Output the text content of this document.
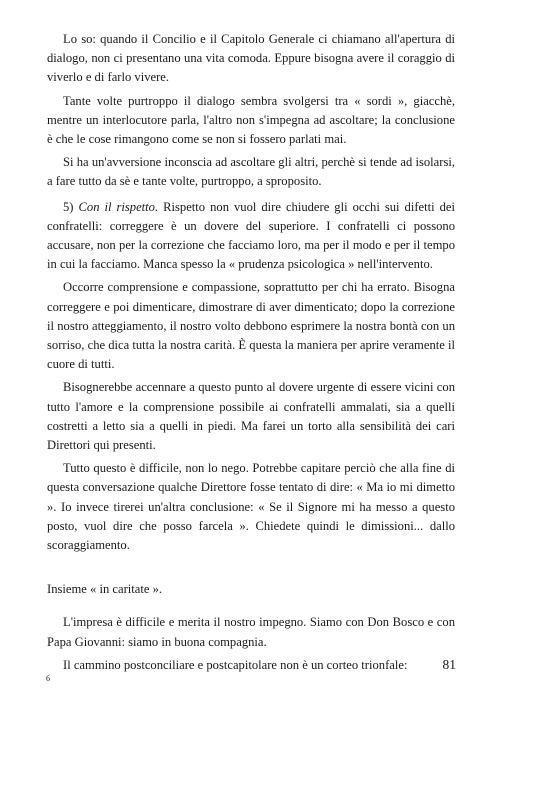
Lo so: quando il Concilio e il Capitolo Generale ci chiamano all'apertura di dialogo, non ci presentano una vita comoda. Eppure bisogna avere il coraggio di viverlo e di farlo vivere.

Tante volte purtroppo il dialogo sembra svolgersi tra « sordi », giacchè, mentre un interlocutore parla, l'altro non s'impegna ad ascoltare; la conclusione è che le cose rimangono come se non si fossero parlati mai.

Si ha un'avversione inconscia ad ascoltare gli altri, perchè si tende ad isolarsi, a fare tutto da sè e tante volte, purtroppo, a sproposito.

5) Con il rispetto. Rispetto non vuol dire chiudere gli occhi sui difetti dei confratelli: correggere è un dovere del superiore. I confratelli ci possono accusare, non per la correzione che facciamo loro, ma per il modo e per il tempo in cui la facciamo. Manca spesso la « prudenza psicologica » nell'intervento.

Occorre comprensione e compassione, soprattutto per chi ha errato. Bisogna correggere e poi dimenticare, dimostrare di aver dimenticato; dopo la correzione il nostro atteggiamento, il nostro volto debbono esprimere la nostra bontà con un sorriso, che dica tutta la nostra carità. È questa la maniera per aprire veramente il cuore di tutti.

Bisognerebbe accennare a questo punto al dovere urgente di essere vicini con tutto l'amore e la comprensione possibile ai confratelli ammalati, sia a quelli costretti a letto sia a quelli in piedi. Ma farei un torto alla sensibilità dei cari Direttori qui presenti.

Tutto questo è difficile, non lo nego. Potrebbe capitare perciò che alla fine di questa conversazione qualche Direttore fosse tentato di dire: « Ma io mi dimetto ». Io invece tirerei un'altra conclusione: « Se il Signore mi ha messo a questo posto, vuol dire che posso farcela ». Chiedete quindi le dimissioni... dallo scoraggiamento.

Insieme « in caritate ».

L'impresa è difficile e merita il nostro impegno. Siamo con Don Bosco e con Papa Giovanni: siamo in buona compagnia.

Il cammino postconciliare e postcapitolare non è un corteo trionfale:	81
6
